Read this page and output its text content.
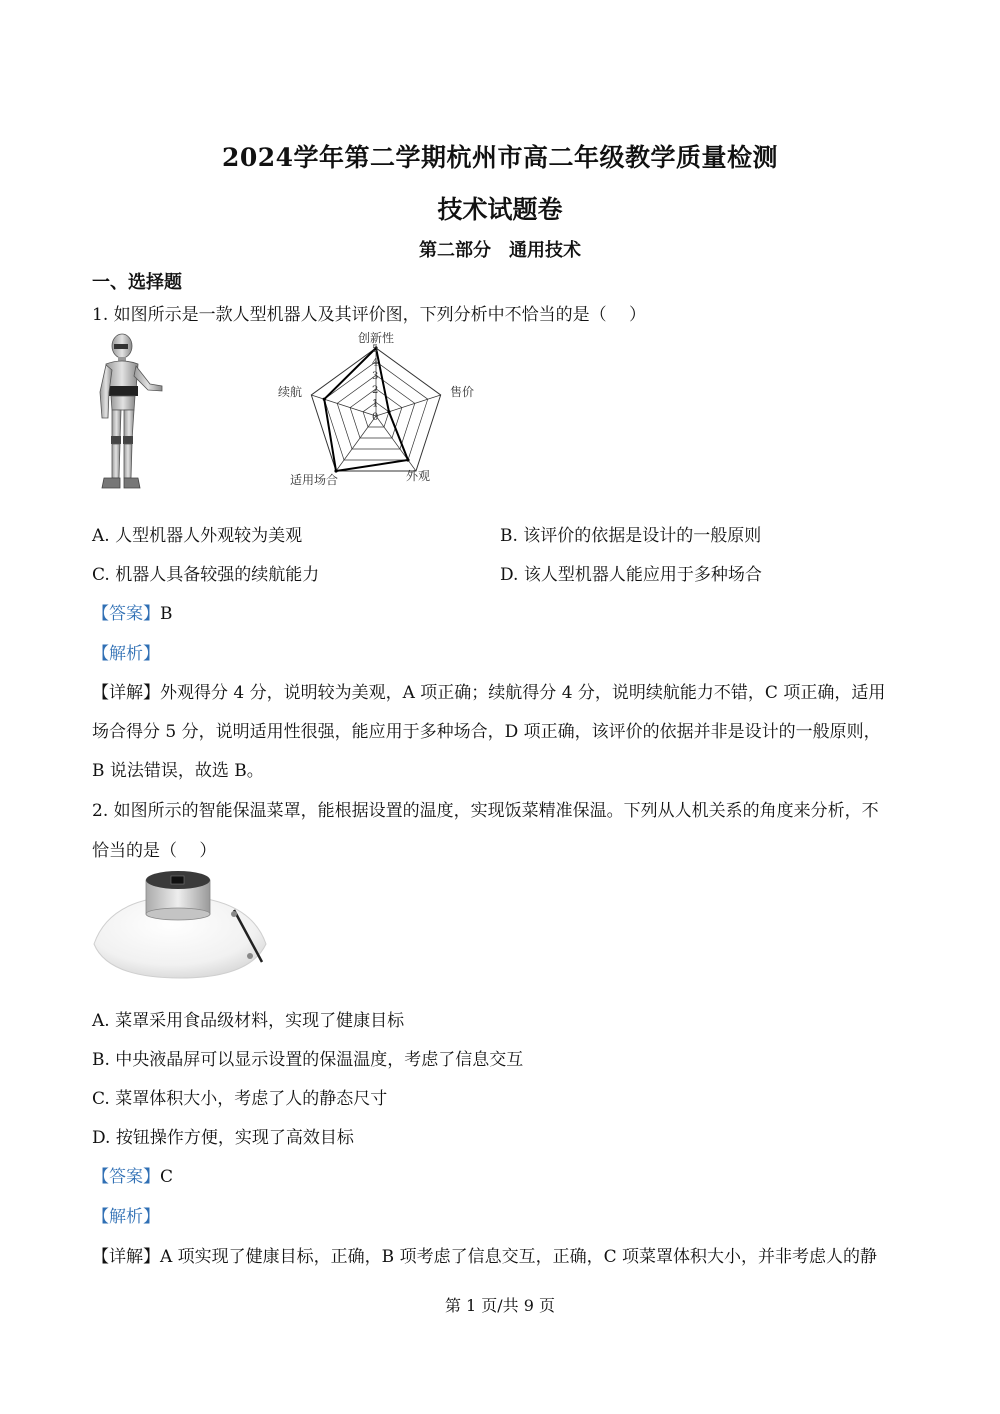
2024学年第二学期杭州市高二年级教学质量检测
技术试题卷
第二部分　通用技术
一、选择题
1. 如图所示是一款人型机器人及其评价图，下列分析中不恰当的是（　 ）
5
4
3
2
1
0
创新性
售价
外观
适用场合
续航
A. 人型机器人外观较为美观	B. 该评价的依据是设计的一般原则
C. 机器人具备较强的续航能力	D. 该人型机器人能应用于多种场合
【答案】B
【解析】
【详解】外观得分 4 分，说明较为美观，A 项正确；续航得分 4 分，说明续航能力不错，C 项正确，适用
场合得分 5 分，说明适用性很强，能应用于多种场合，D 项正确，该评价的依据并非是设计的一般原则，
B 说法错误，故选 B。
2. 如图所示的智能保温菜罩，能根据设置的温度，实现饭菜精准保温。下列从人机关系的角度来分析，不
恰当的是（　 ）
A. 菜罩采用食品级材料，实现了健康目标
B. 中央液晶屏可以显示设置的保温温度，考虑了信息交互
C. 菜罩体积大小，考虑了人的静态尺寸
D. 按钮操作方便，实现了高效目标
【答案】C
【解析】
【详解】A 项实现了健康目标，正确，B 项考虑了信息交互，正确，C 项菜罩体积大小，并非考虑人的静
第 1 页/共 9 页
